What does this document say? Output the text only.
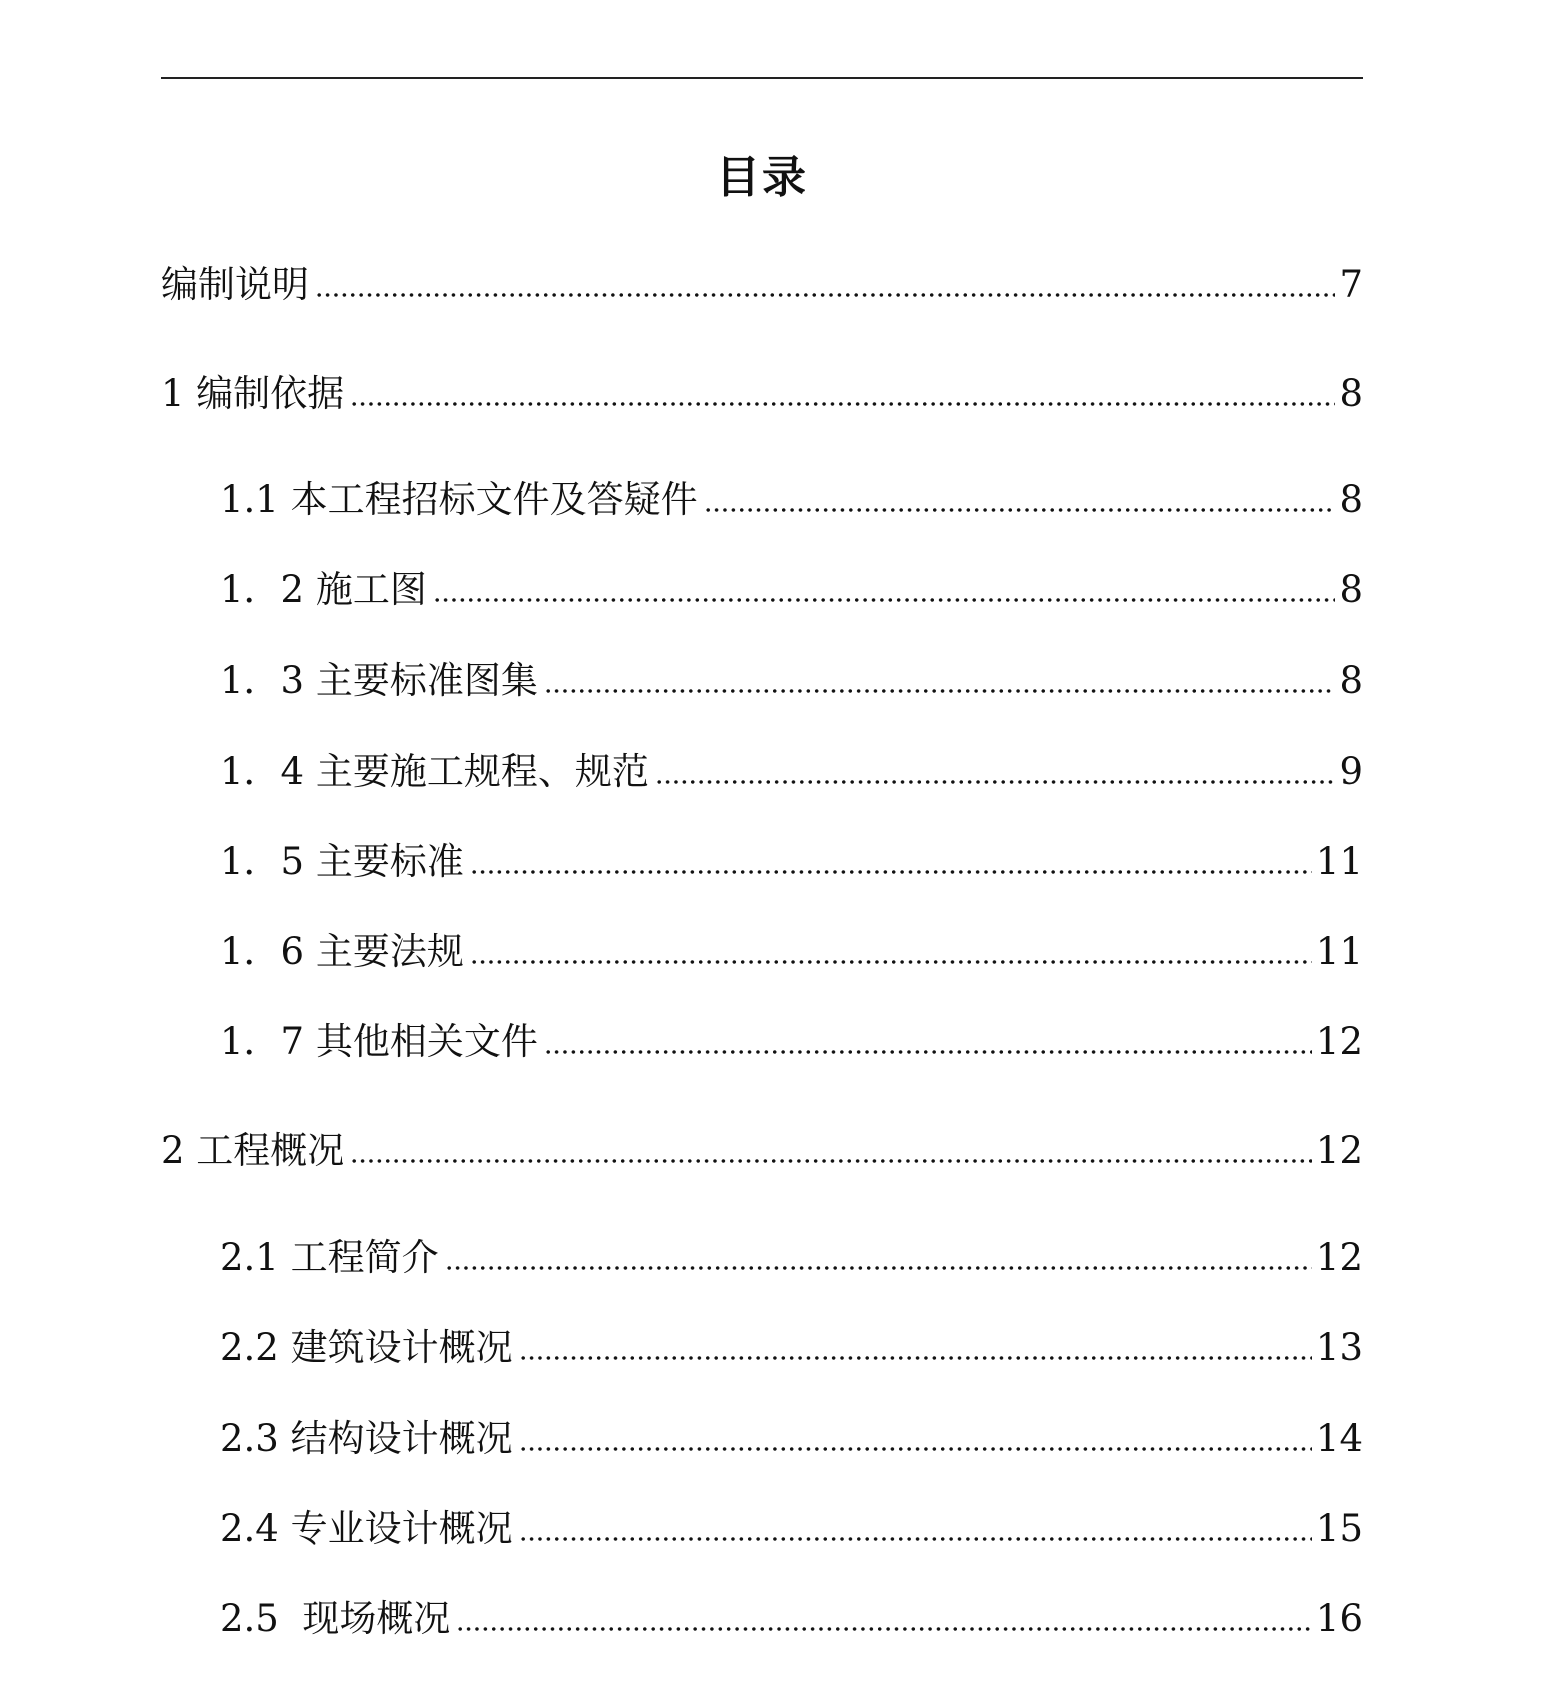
目录
编制说明	7
1 编制依据	8
1.1 本工程招标文件及答疑件	8
1．2 施工图	8
1．3 主要标准图集	8
1．4 主要施工规程、规范	9
1．5 主要标准	11
1．6 主要法规	11
1．7 其他相关文件	12
2 工程概况	12
2.1 工程简介	12
2.2 建筑设计概况	13
2.3 结构设计概况	14
2.4 专业设计概况	15
2.5  现场概况	16
